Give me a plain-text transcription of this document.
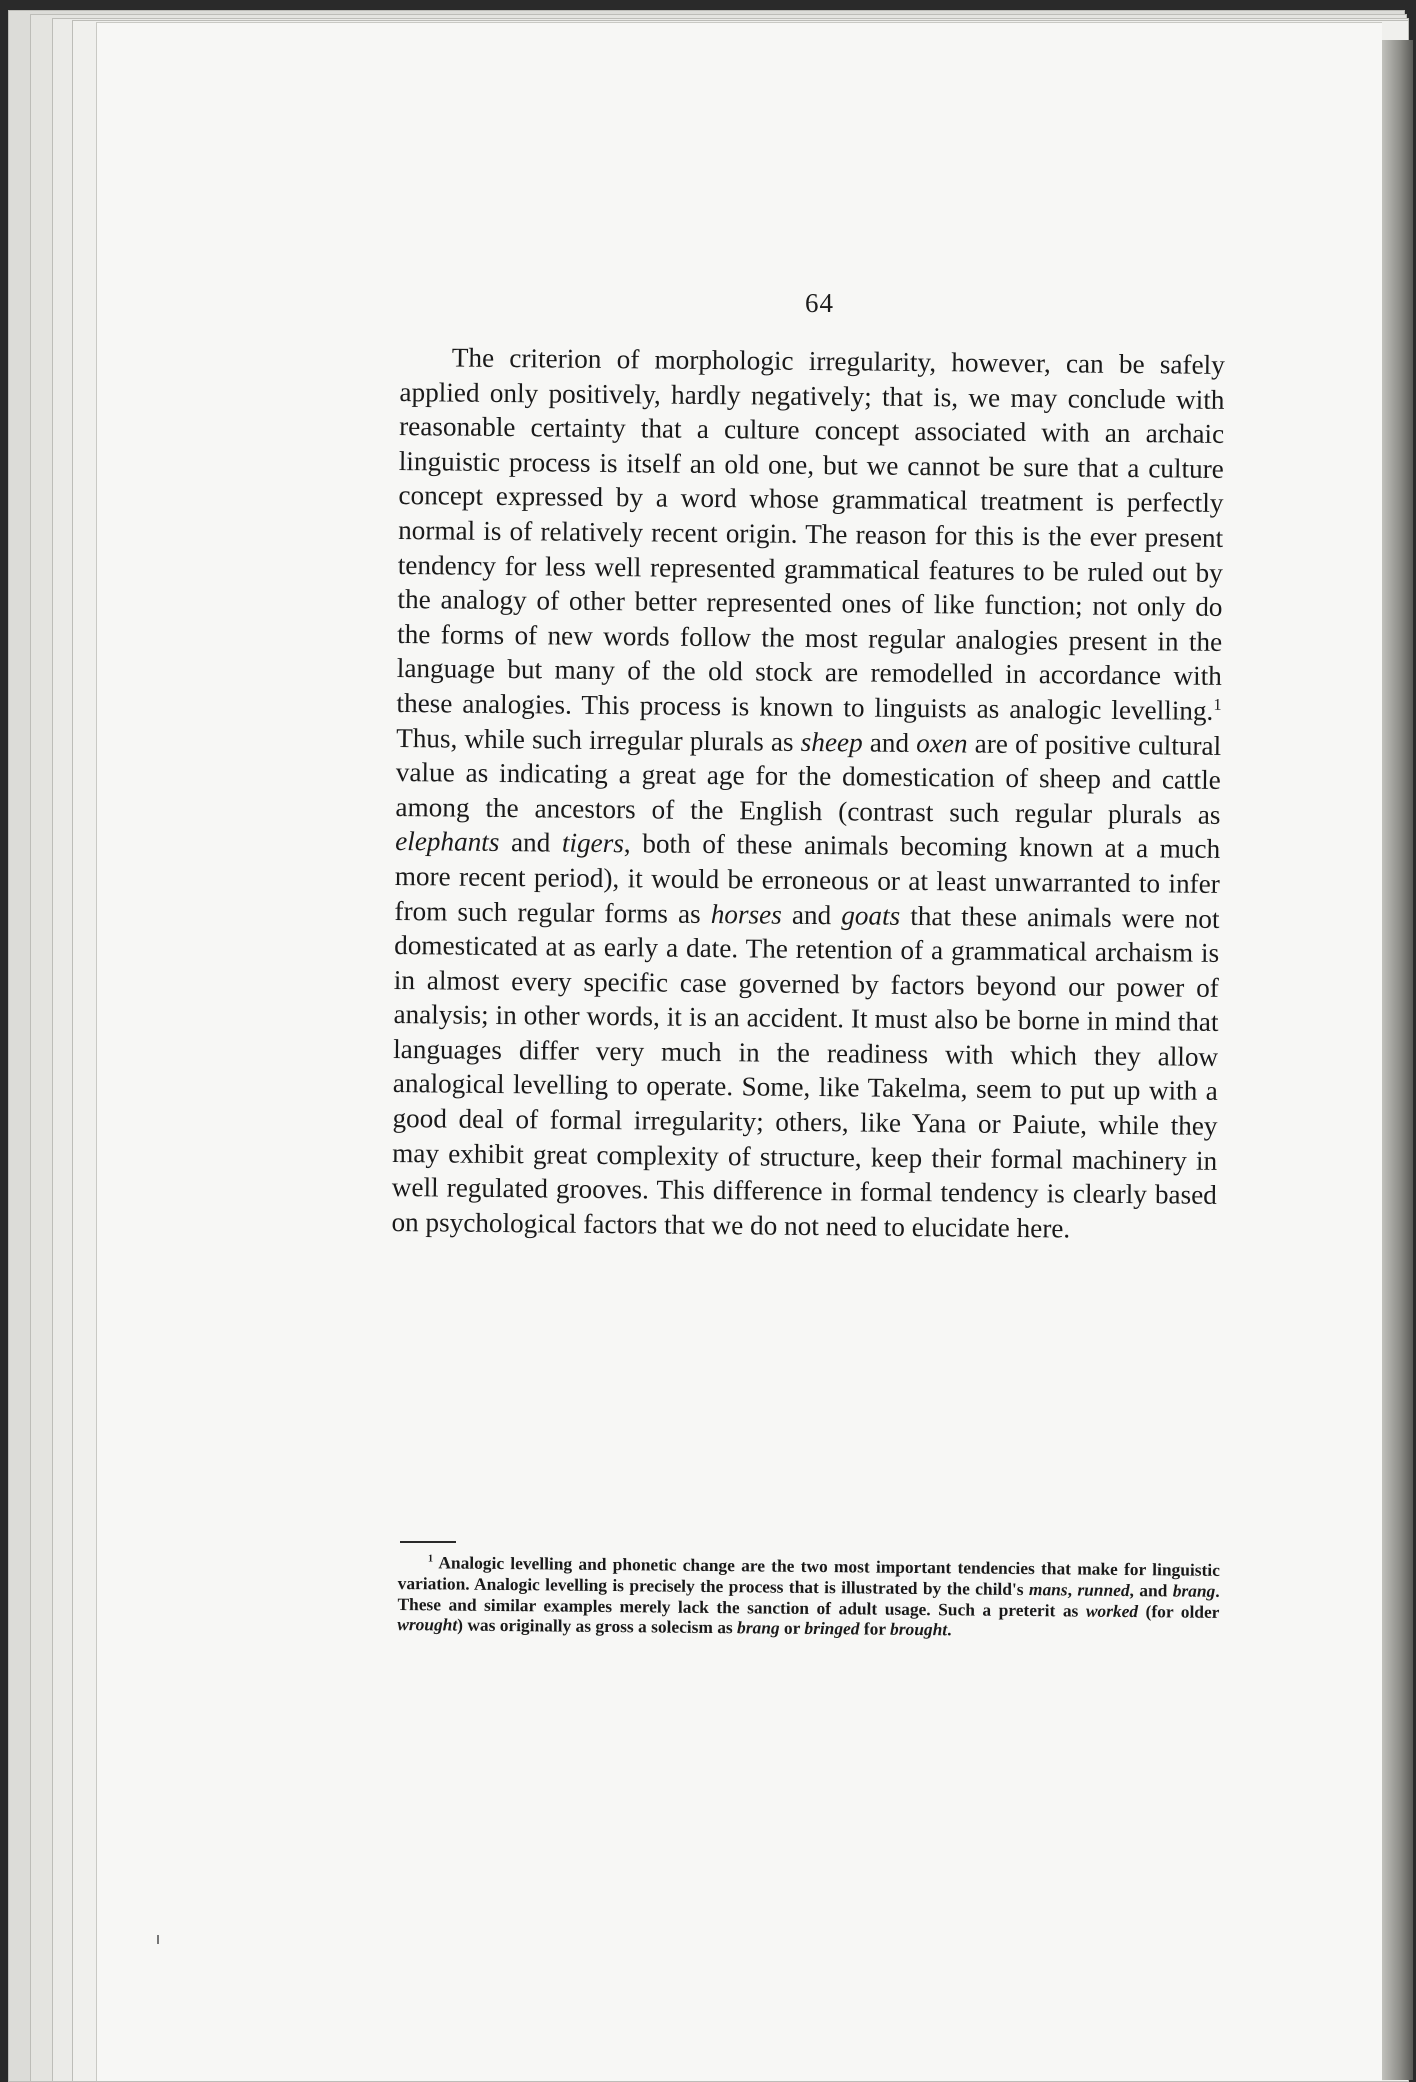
64

The criterion of morphologic irregularity, however, can be safely applied only positively, hardly negatively; that is, we may conclude with reasonable certainty that a culture concept associated with an archaic linguistic process is itself an old one, but we cannot be sure that a culture concept expressed by a word whose grammatical treatment is perfectly normal is of relatively recent origin. The reason for this is the ever present tendency for less well represented grammatical features to be ruled out by the analogy of other better represented ones of like function; not only do the forms of new words follow the most regular analogies present in the language but many of the old stock are remodelled in accordance with these analogies. This process is known to linguists as analogic levelling.$^1$ Thus, while such irregular plurals as sheep and oxen are of positive cultural value as indicating a great age for the domestication of sheep and cattle among the ancestors of the English (contrast such regular plurals as elephants and tigers, both of these animals becoming known at a much more recent period), it would be erroneous or at least unwarranted to infer from such regular forms as horses and goats that these animals were not domesticated at as early a date. The retention of a grammatical archaism is in almost every specific case governed by factors beyond our power of analysis; in other words, it is an accident. It must also be borne in mind that languages differ very much in the readiness with which they allow analogical levelling to operate. Some, like Takelma, seem to put up with a good deal of formal irregularity; others, like Yana or Paiute, while they may exhibit great complexity of structure, keep their formal machinery in well regulated grooves. This difference in formal tendency is clearly based on psychological factors that we do not need to elucidate here.

$^1$ Analogic levelling and phonetic change are the two most important tendencies that make for linguistic variation. Analogic levelling is precisely the process that is illustrated by the child's mans, runned, and brang. These and similar examples merely lack the sanction of adult usage. Such a preterit as worked (for older wrought) was originally as gross a solecism as brang or bringed for brought.
